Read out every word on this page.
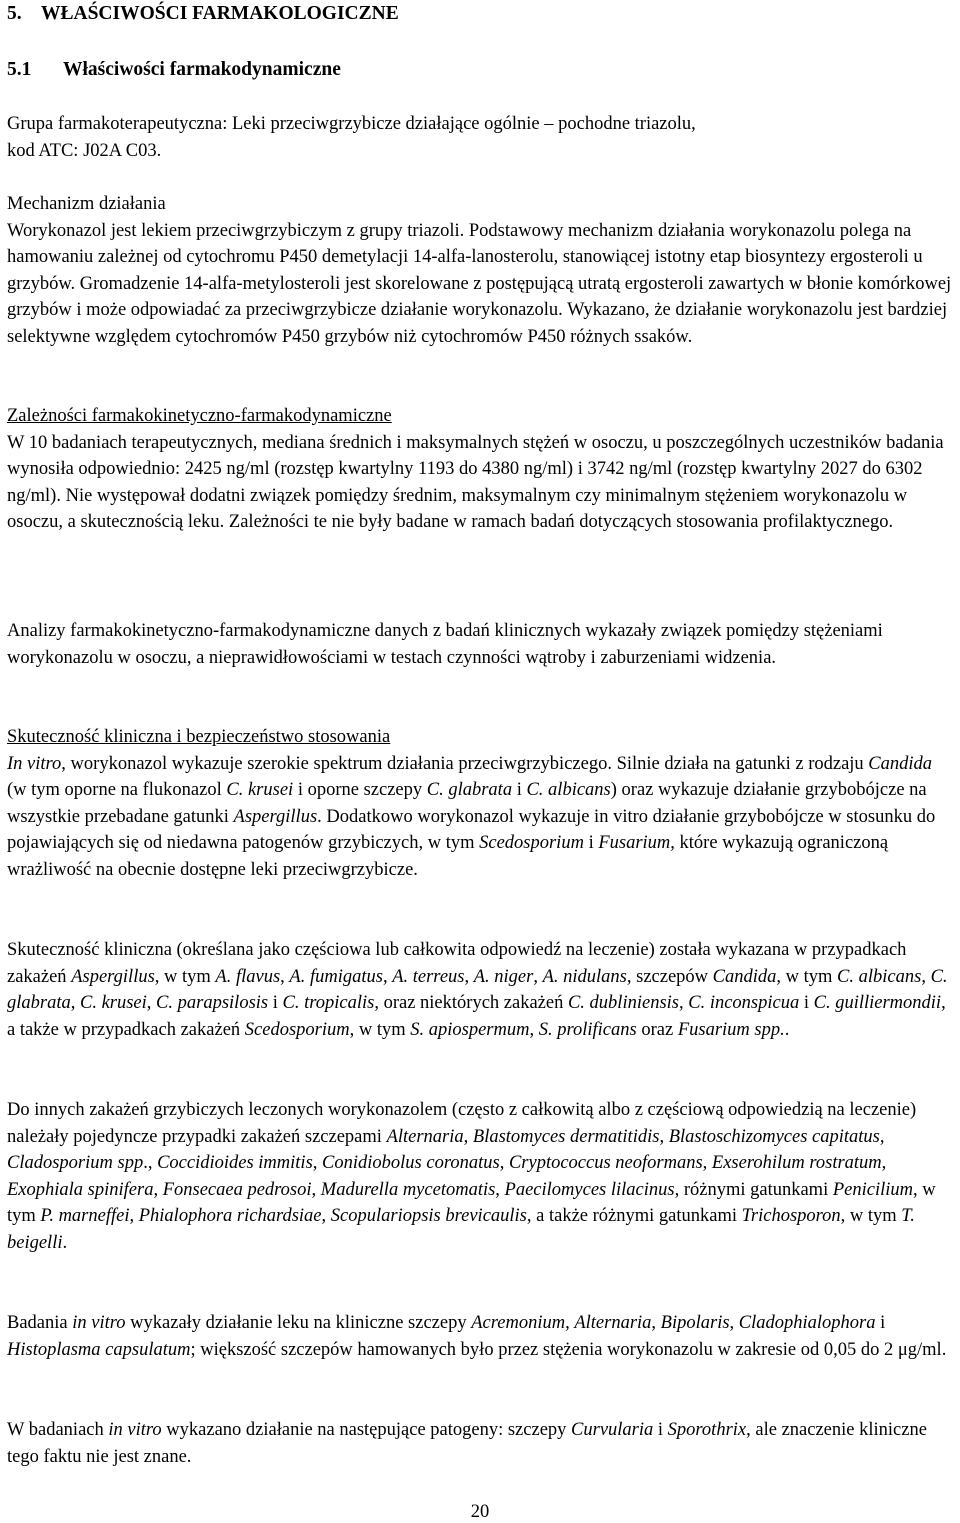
5. WŁAŚCIWOŚCI FARMAKOLOGICZNE
5.1 Właściwości farmakodynamiczne
Grupa farmakoterapeutyczna: Leki przeciwgrzybicze działające ogólnie – pochodne triazolu,
kod ATC: J02A C03.
Mechanizm działania
Worykonazol jest lekiem przeciwgrzybiczym z grupy triazoli. Podstawowy mechanizm działania worykonazolu polega na hamowaniu zależnej od cytochromu P450 demetylacji 14-alfa-lanosterolu, stanowiącej istotny etap biosyntezy ergosteroli u grzybów. Gromadzenie 14-alfa-metylosteroli jest skorelowane z postępującą utratą ergosteroli zawartych w błonie komórkowej grzybów i może odpowiadać za przeciwgrzybicze działanie worykonazolu. Wykazano, że działanie worykonazolu jest bardziej selektywne względem cytochromów P450 grzybów niż cytochromów P450 różnych ssaków.
Zależności farmakokinetyczno-farmakodynamiczne
W 10 badaniach terapeutycznych, mediana średnich i maksymalnych stężeń w osoczu, u poszczególnych uczestników badania wynosiła odpowiednio: 2425 ng/ml (rozstęp kwartylny 1193 do 4380 ng/ml) i 3742 ng/ml (rozstęp kwartylny 2027 do 6302 ng/ml). Nie występował dodatni związek pomiędzy średnim, maksymalnym czy minimalnym stężeniem worykonazolu w osoczu, a skutecznością leku. Zależności te nie były badane w ramach badań dotyczących stosowania profilaktycznego.
Analizy farmakokinetyczno-farmakodynamiczne danych z badań klinicznych wykazały związek pomiędzy stężeniami worykonazolu w osoczu, a nieprawidłowościami w testach czynności wątroby i zaburzeniami widzenia.
Skuteczność kliniczna i bezpieczeństwo stosowania
In vitro, worykonazol wykazuje szerokie spektrum działania przeciwgrzybiczego. Silnie działa na gatunki z rodzaju Candida (w tym oporne na flukonazol C. krusei i oporne szczepy C. glabrata i C. albicans) oraz wykazuje działanie grzybobójcze na wszystkie przebadane gatunki Aspergillus. Dodatkowo worykonazol wykazuje in vitro działanie grzybobójcze w stosunku do pojawiających się od niedawna patogenów grzybiczych, w tym Scedosporium i Fusarium, które wykazują ograniczoną wrażliwość na obecnie dostępne leki przeciwgrzybicze.
Skuteczność kliniczna (określana jako częściowa lub całkowita odpowiedź na leczenie) została wykazana w przypadkach zakażeń Aspergillus, w tym A. flavus, A. fumigatus, A. terreus, A. niger, A. nidulans, szczepów Candida, w tym C. albicans, C. glabrata, C. krusei, C. parapsilosis i C. tropicalis, oraz niektórych zakażeń C. dubliniensis, C. inconspicua i C. guilliermondii, a także w przypadkach zakażeń Scedosporium, w tym S. apiospermum, S. prolificans oraz Fusarium spp..
Do innych zakażeń grzybiczych leczonych worykonazolem (często z całkowitą albo z częściową odpowiedzią na leczenie) należały pojedyncze przypadki zakażeń szczepami Alternaria, Blastomyces dermatitidis, Blastoschizomyces capitatus, Cladosporium spp., Coccidioides immitis, Conidiobolus coronatus, Cryptococcus neoformans, Exserohilum rostratum, Exophiala spinifera, Fonsecaea pedrosoi, Madurella mycetomatis, Paecilomyces lilacinus, różnymi gatunkami Penicilium, w tym P. marneffei, Phialophora richardsiae, Scopulariopsis brevicaulis, a także różnymi gatunkami Trichosporon, w tym T. beigelli.
Badania in vitro wykazały działanie leku na kliniczne szczepy Acremonium, Alternaria, Bipolaris, Cladophialophora i Histoplasma capsulatum; większość szczepów hamowanych było przez stężenia worykonazolu w zakresie od 0,05 do 2 μg/ml.
W badaniach in vitro wykazano działanie na następujące patogeny: szczepy Curvularia i Sporothrix, ale znaczenie kliniczne tego faktu nie jest znane.
20
